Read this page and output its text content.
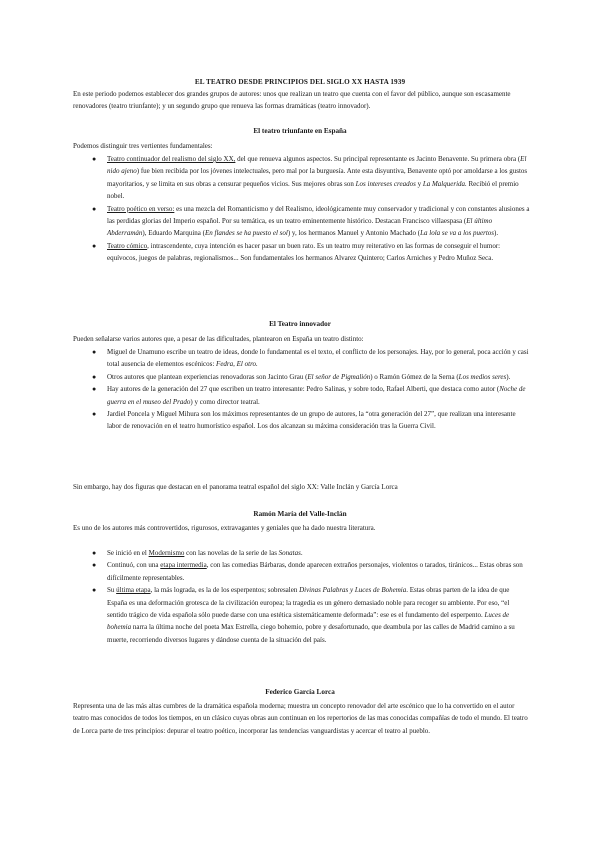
EL TEATRO DESDE PRINCIPIOS DEL SIGLO XX HASTA 1939

En este periodo podemos establecer dos grandes grupos de autores: unos que realizan un teatro que cuenta con el favor del público, aunque son escasamente renovadores (teatro triunfante); y un segundo grupo que renueva las formas dramáticas (teatro innovador).

El teatro triunfante en España

Podemos distinguir tres vertientes fundamentales:

● Teatro continuador del realismo del siglo XX, del que renueva algunos aspectos. Su principal representante es Jacinto Benavente. Su primera obra (El nido ajeno) fue bien recibida por los jóvenes intelectuales, pero mal por la burguesía. Ante esta disyuntiva, Benavente optó por amoldarse a los gustos mayoritarios, y se limita en sus obras a censurar pequeños vicios. Sus mejores obras son Los intereses creados y La Malquerida. Recibió el premio nobel.
● Teatro poético en verso: es una mezcla del Romanticismo y del Realismo, ideológicamente muy conservador y tradicional y con constantes alusiones a las perdidas glorias del Imperio español. Por su temática, es un teatro eminentemente histórico. Destacan Francisco villaespasa (El último Abderramán), Eduardo Marquina (En flandes se ha puesto el sol) y, los hermanos Manuel y Antonio Machado (La lola se va a los puertos).
● Teatro cómico, intrascendente, cuya intención es hacer pasar un buen rato. Es un teatro muy reiterativo en las formas de conseguir el humor: equívocos, juegos de palabras, regionalismos... Son fundamentales los hermanos Alvarez Quintero; Carlos Arniches y Pedro Muñoz Seca.
El Teatro innovador

Pueden señalarse varios autores que, a pesar de las dificultades, plantearon en España un teatro distinto:

● Miguel de Unamuno escribe un teatro de ideas, donde lo fundamental es el texto, el conflicto de los personajes. Hay, por lo general, poca acción y casi total ausencia de elementos escénicos: Fedra, El otro.
● Otros autores que plantean experiencias renovadoras son Jacinto Grau (El señor de Pigmalión) o Ramón Gómez de la Serna (Los medios seres).
● Hay autores de la generación del 27 que escriben un teatro interesante: Pedro Salinas, y sobre todo, Rafael Alberti, que destaca como autor (Noche de guerra en el museo del Prado) y como director teatral.
● Jardiel Poncela y Miguel Mihura son los máximos representantes de un grupo de autores, la “otra generación del 27”, que realizan una interesante labor de renovación en el teatro humorístico español. Los dos alcanzan su máxima consideración tras la Guerra Civil.

Sin embargo, hay dos figuras que destacan en el panorama teatral español del siglo XX: Valle Inclán y García Lorca

Ramón María del Valle-Inclán

Es uno de los autores más controvertidos, rigurosos, extravagantes y geniales que ha dado nuestra literatura.

● Se inició en el Modernismo con las novelas de la serie de las Sonatas.
● Continuó, con una etapa intermedia, con las comedias Bárbaras, donde aparecen extraños personajes, violentos o tarados, tiránicos... Estas obras son difícilmente representables.
● Su última etapa, la más lograda, es la de los esperpentos; sobresalen Divinas Palabras y Luces de Bohemia. Estas obras parten de la idea de que España es una deformación grotesca de la civilización europea; la tragedia es un género demasiado noble para recoger su ambiente. Por eso, “el sentido trágico de vida española sólo puede darse con una estética sistemáticamente deformada”: ese es el fundamento del esperpento. Luces de bohemia narra la última noche del poeta Max Estrella, ciego bohemio, pobre y desafortunado, que deambula por las calles de Madrid camino a su muerte, recorriendo diversos lugares y dándose cuenta de la situación del país.
Federico García Lorca

Representa una de las más altas cumbres de la dramática española moderna; muestra un concepto renovador del arte escénico que lo ha convertido en el autor teatro mas conocidos de todos los tiempos, en un clásico cuyas obras aun continuan en los repertorios de las mas conocidas compañías de todo el mundo. El teatro de Lorca parte de tres principios: depurar el teatro poético, incorporar las tendencias vanguardistas y acercar el teatro al pueblo.
